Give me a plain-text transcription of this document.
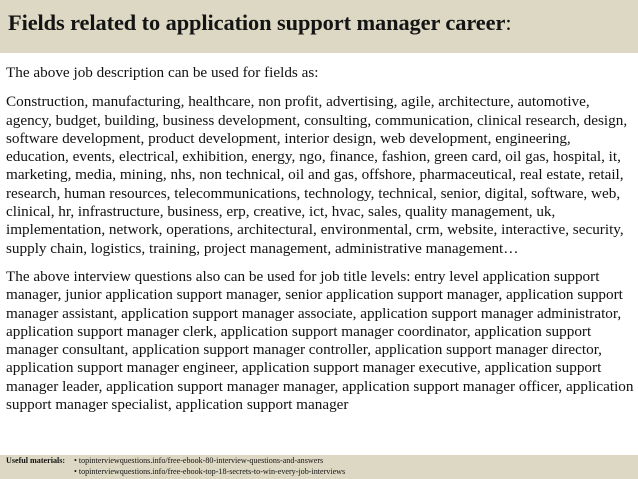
Fields related to application support manager career:

The above job description can be used for fields as:

Construction, manufacturing, healthcare, non profit, advertising, agile, architecture, automotive, agency, budget, building, business development, consulting, communication, clinical research, design, software development, product development, interior design, web development, engineering, education, events, electrical, exhibition, energy, ngo, finance, fashion, green card, oil gas, hospital, it, marketing, media, mining, nhs, non technical, oil and gas, offshore, pharmaceutical, real estate, retail, research, human resources, telecommunications, technology, technical, senior, digital, software, web, clinical, hr, infrastructure, business, erp, creative, ict, hvac, sales, quality management, uk, implementation, network, operations, architectural, environmental, crm, website, interactive, security, supply chain, logistics, training, project management, administrative management…

The above interview questions also can be used for job title levels: entry level application support manager, junior application support manager, senior application support manager, application support manager assistant, application support manager associate, application support manager administrator, application support manager clerk, application support manager coordinator, application support manager consultant, application support manager controller, application support manager director, application support manager engineer, application support manager executive, application support manager leader, application support manager manager, application support manager officer, application support manager specialist, application support manager

Useful materials:	• topinterviewquestions.info/free-ebook-80-interview-questions-and-answers
• topinterviewquestions.info/free-ebook-top-18-secrets-to-win-every-job-interviews
